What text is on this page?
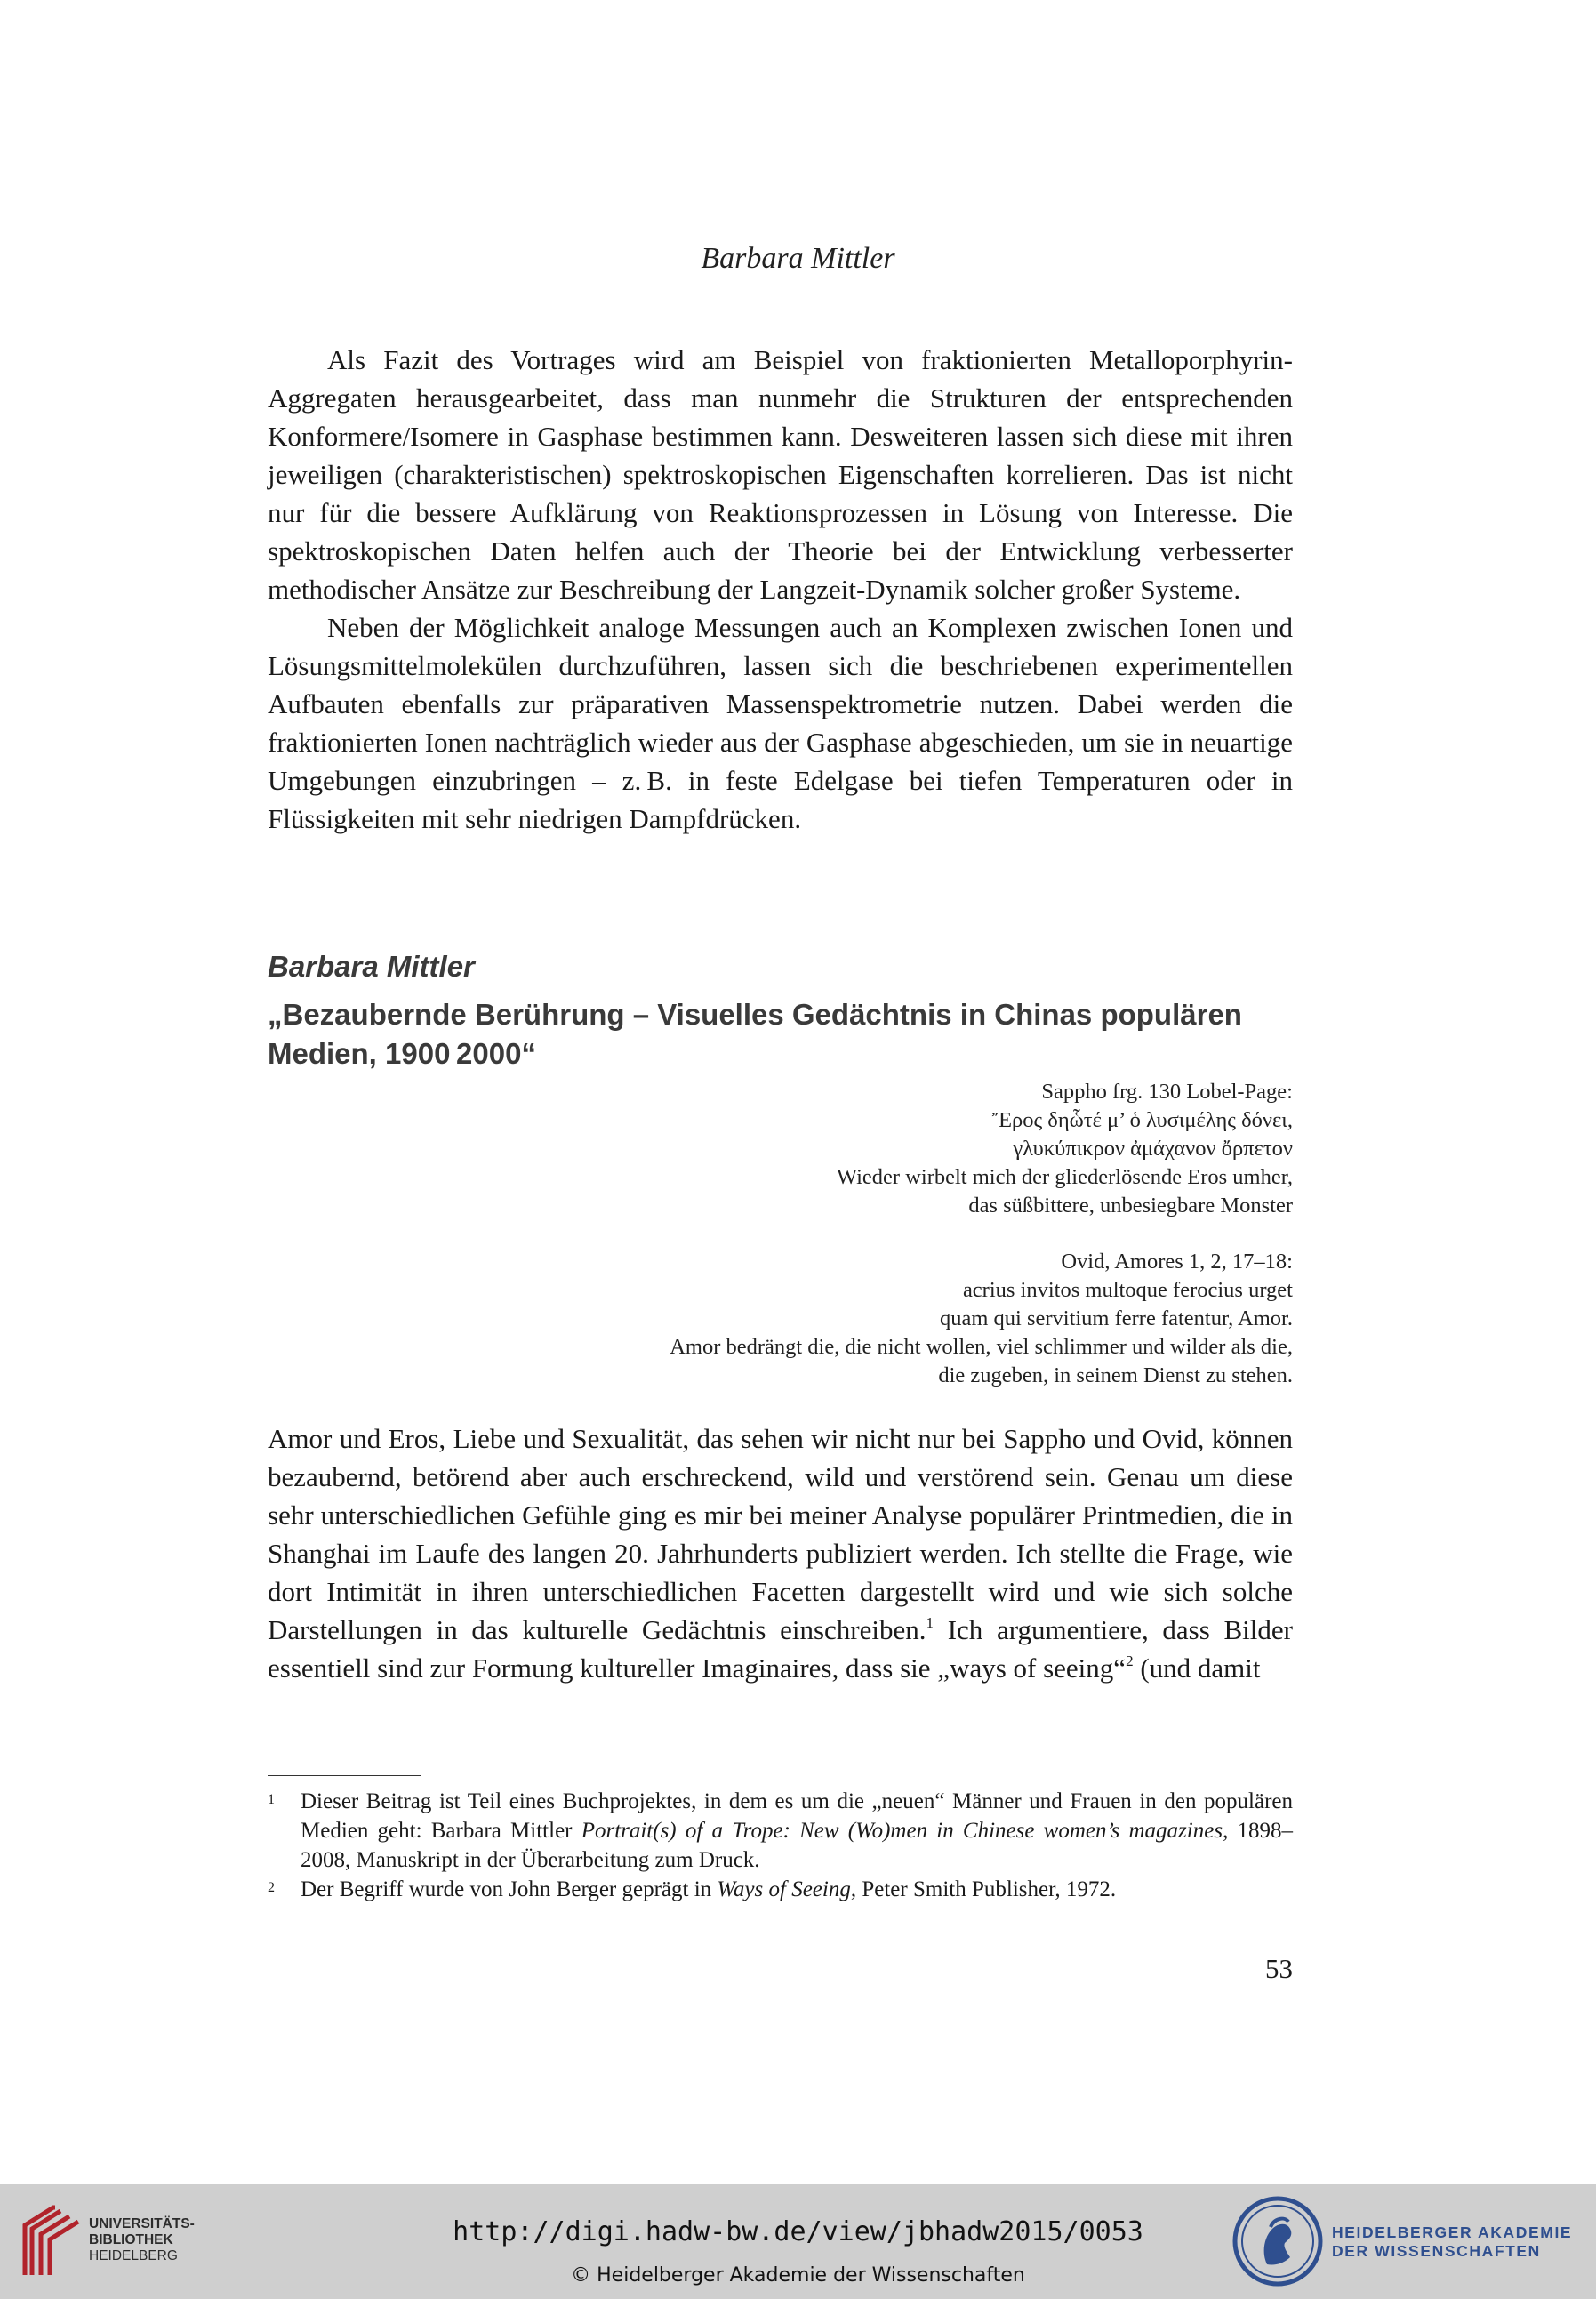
Barbara Mittler

Als Fazit des Vortrages wird am Beispiel von fraktionierten Metalloporphyrin-Aggregaten herausgearbeitet, dass man nunmehr die Strukturen der entsprechenden Konformere/Isomere in Gasphase bestimmen kann. Desweiteren lassen sich diese mit ihren jeweiligen (charakteristischen) spektroskopischen Eigenschaften korrelieren. Das ist nicht nur für die bessere Aufklärung von Reaktionsprozessen in Lösung von Interesse. Die spektroskopischen Daten helfen auch der Theorie bei der Entwicklung verbesserter methodischer Ansätze zur Beschreibung der Langzeit-Dynamik solcher großer Systeme.

Neben der Möglichkeit analoge Messungen auch an Komplexen zwischen Ionen und Lösungsmittelmolekülen durchzuführen, lassen sich die beschriebenen experimentellen Aufbauten ebenfalls zur präparativen Massenspektrometrie nutzen. Dabei werden die fraktionierten Ionen nachträglich wieder aus der Gasphase abgeschieden, um sie in neuartige Umgebungen einzubringen – z. B. in feste Edelgase bei tiefen Temperaturen oder in Flüssigkeiten mit sehr niedrigen Dampfdrücken.

Barbara Mittler
„Bezaubernde Berührung – Visuelles Gedächtnis in Chinas populären Medien, 1900 2000“
Sappho frg. 130 Lobel-Page:
Ἔρος δηὧτέ μ’ ὁ λυσιμέλης δόνει,
γλυκύπικρον ἀμάχανον ὄρπετον
Wieder wirbelt mich der gliederlösende Eros umher,
das süßbittere, unbesiegbare Monster
Ovid, Amores 1, 2, 17–18:
acrius invitos multoque ferocius urget
quam qui servitium ferre fatentur, Amor.
Amor bedrängt die, die nicht wollen, viel schlimmer und wilder als die,
die zugeben, in seinem Dienst zu stehen.

Amor und Eros, Liebe und Sexualität, das sehen wir nicht nur bei Sappho und Ovid, können bezaubernd, betörend aber auch erschreckend, wild und verstörend sein. Genau um diese sehr unterschiedlichen Gefühle ging es mir bei meiner Analyse populärer Printmedien, die in Shanghai im Laufe des langen 20. Jahrhunderts publiziert werden. Ich stellte die Frage, wie dort Intimität in ihren unterschiedlichen Facetten dargestellt wird und wie sich solche Darstellungen in das kulturelle Gedächtnis einschreiben.$^1$ Ich argumentiere, dass Bilder essentiell sind zur Formung kultureller Imaginaires, dass sie „ways of seeing“$^2$ (und damit

1 Dieser Beitrag ist Teil eines Buchprojektes, in dem es um die „neuen“ Männer und Frauen in den populären Medien geht: Barbara Mittler Portrait(s) of a Trope: New (Wo)men in Chinese women’s magazines, 1898–2008, Manuskript in der Überarbeitung zum Druck.
2 Der Begriff wurde von John Berger geprägt in Ways of Seeing, Peter Smith Publisher, 1972.
53
UNIVERSITÄTS-
BIBLIOTHEK
HEIDELBERG
http://digi.hadw-bw.de/view/jbhadw2015/0053
© Heidelberger Akademie der Wissenschaften
HEIDELBERGER AKADEMIE
DER WISSENSCHAFTEN
